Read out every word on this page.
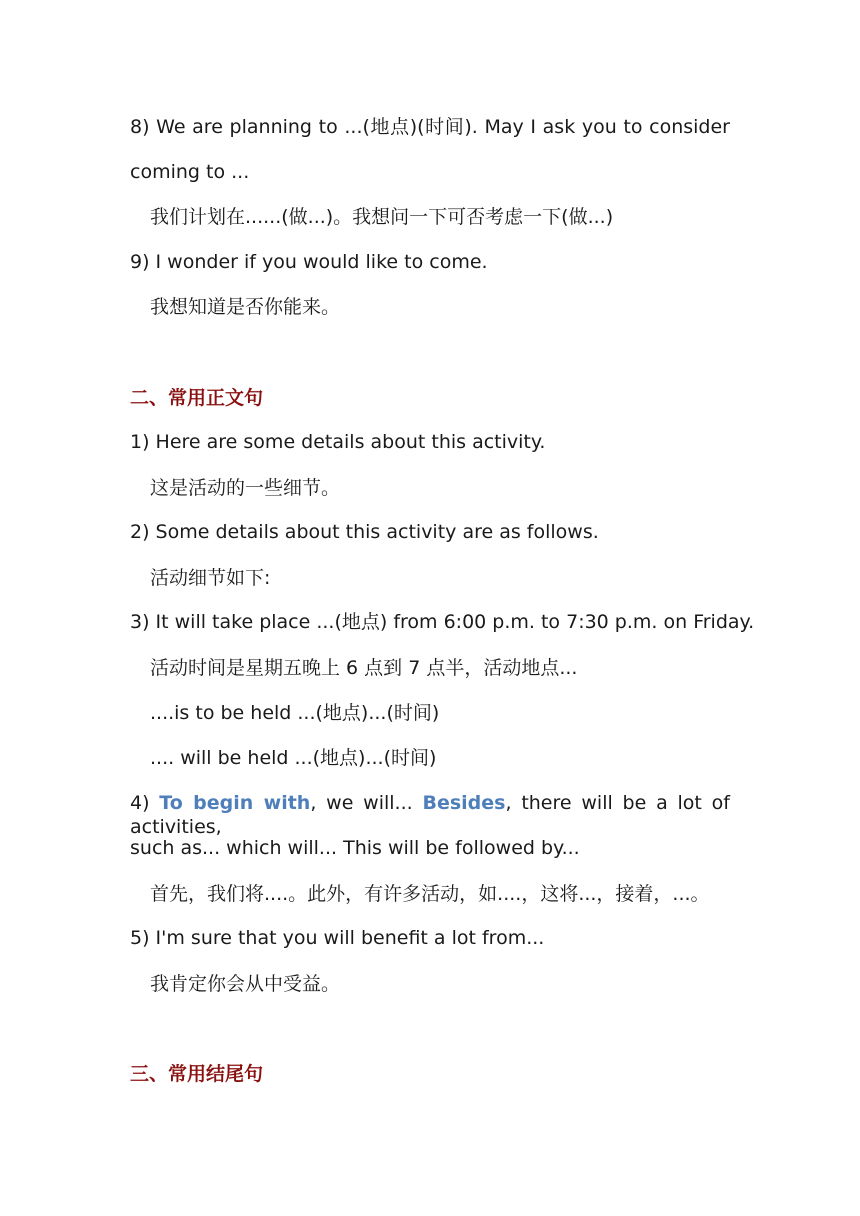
8) We are planning to ...(地点)(时间). May I ask you to consider
coming to ...
我们计划在......(做...)。我想问一下可否考虑一下(做...)
9) I wonder if you would like to come.
我想知道是否你能来。
二、常用正文句
1) Here are some details about this activity.
这是活动的一些细节。
2) Some details about this activity are as follows.
活动细节如下:
3) It will take place ...(地点) from 6:00 p.m. to 7:30 p.m. on Friday.
活动时间是星期五晚上 6 点到 7 点半，活动地点...
....is to be held ...(地点)...(时间)
.... will be held ...(地点)...(时间)
4) To begin with, we will... Besides, there will be a lot of activities,
such as... which will... This will be followed by...
首先，我们将....。此外，有许多活动，如....，这将...，接着，...。
5) I'm sure that you will benefit a lot from...
我肯定你会从中受益。
三、常用结尾句
